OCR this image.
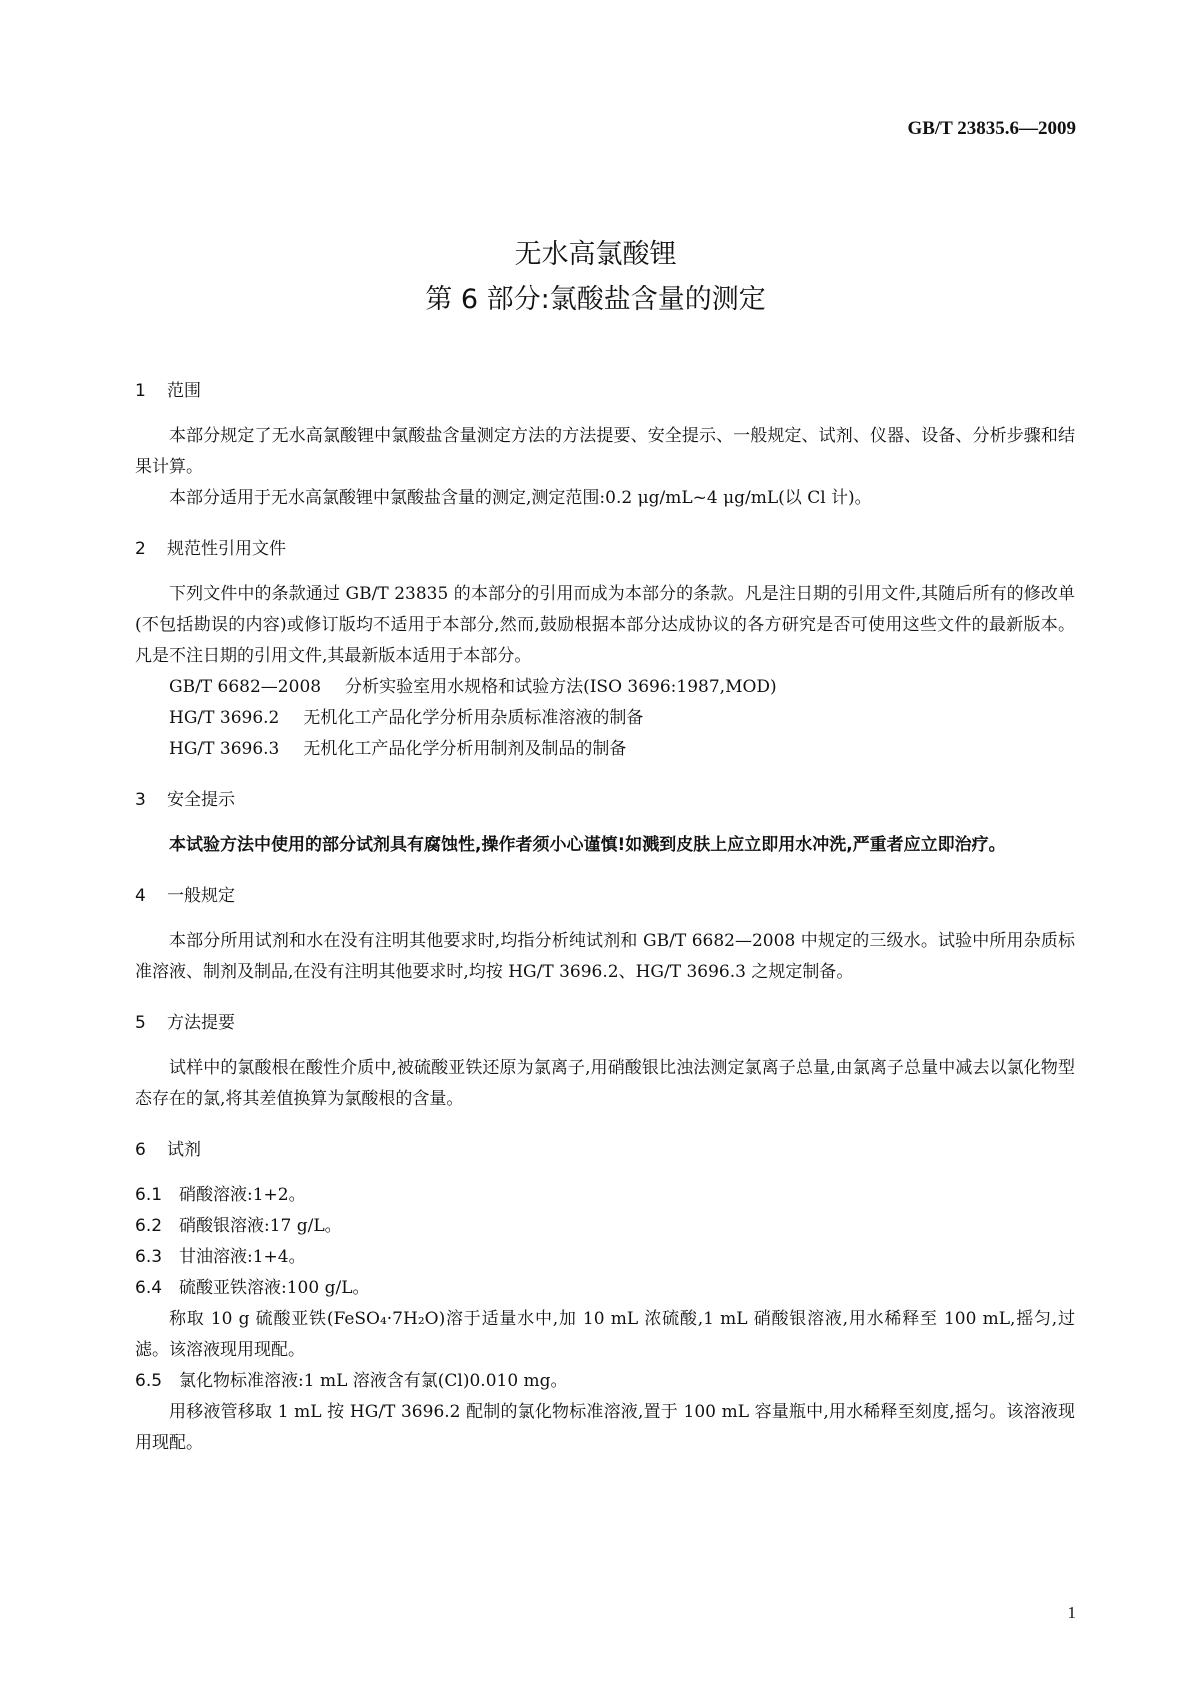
GB/T 23835.6—2009
无水高氯酸锂
第 6 部分:氯酸盐含量的测定
1 范围
本部分规定了无水高氯酸锂中氯酸盐含量测定方法的方法提要、安全提示、一般规定、试剂、仪器、设备、分析步骤和结果计算。
本部分适用于无水高氯酸锂中氯酸盐含量的测定,测定范围:0.2 μg/mL~4 μg/mL(以 Cl 计)。
2 规范性引用文件
下列文件中的条款通过 GB/T 23835 的本部分的引用而成为本部分的条款。凡是注日期的引用文件,其随后所有的修改单(不包括勘误的内容)或修订版均不适用于本部分,然而,鼓励根据本部分达成协议的各方研究是否可使用这些文件的最新版本。凡是不注日期的引用文件,其最新版本适用于本部分。
GB/T 6682—2008 分析实验室用水规格和试验方法(ISO 3696:1987,MOD)
HG/T 3696.2 无机化工产品化学分析用杂质标准溶液的制备
HG/T 3696.3 无机化工产品化学分析用制剂及制品的制备
3 安全提示
本试验方法中使用的部分试剂具有腐蚀性,操作者须小心谨慎!如溅到皮肤上应立即用水冲洗,严重者应立即治疗。
4 一般规定
本部分所用试剂和水在没有注明其他要求时,均指分析纯试剂和 GB/T 6682—2008 中规定的三级水。试验中所用杂质标准溶液、制剂及制品,在没有注明其他要求时,均按 HG/T 3696.2、HG/T 3696.3 之规定制备。
5 方法提要
试样中的氯酸根在酸性介质中,被硫酸亚铁还原为氯离子,用硝酸银比浊法测定氯离子总量,由氯离子总量中减去以氯化物型态存在的氯,将其差值换算为氯酸根的含量。
6 试剂
6.1 硝酸溶液:1+2。
6.2 硝酸银溶液:17 g/L。
6.3 甘油溶液:1+4。
6.4 硫酸亚铁溶液:100 g/L。
称取 10 g 硫酸亚铁(FeSO₄·7H₂O)溶于适量水中,加 10 mL 浓硫酸,1 mL 硝酸银溶液,用水稀释至 100 mL,摇匀,过滤。该溶液现用现配。
6.5 氯化物标准溶液:1 mL 溶液含有氯(Cl)0.010 mg。
用移液管移取 1 mL 按 HG/T 3696.2 配制的氯化物标准溶液,置于 100 mL 容量瓶中,用水稀释至刻度,摇匀。该溶液现用现配。
1
